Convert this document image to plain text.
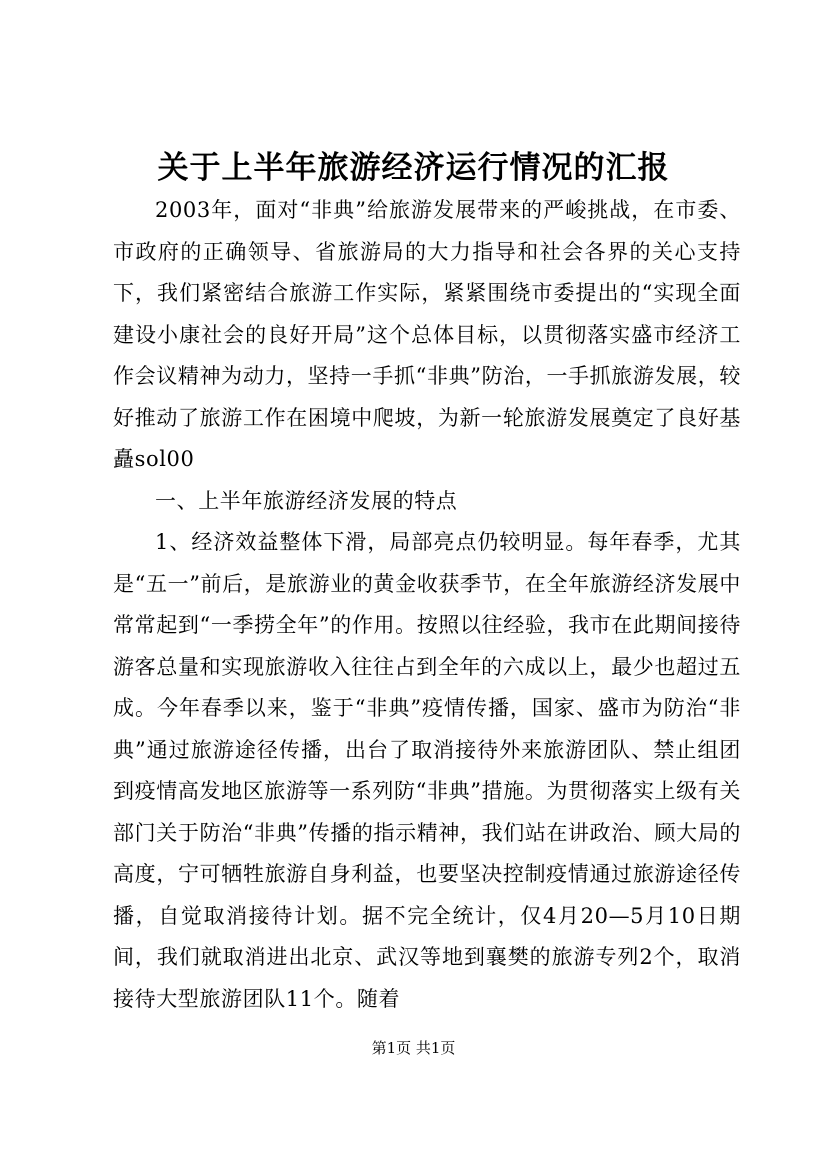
关于上半年旅游经济运行情况的汇报

2003年，面对“非典”给旅游发展带来的严峻挑战，在市委、市政府的正确领导、省旅游局的大力指导和社会各界的关心支持下，我们紧密结合旅游工作实际，紧紧围绕市委提出的“实现全面建设小康社会的良好开局”这个总体目标，以贯彻落实盛市经济工作会议精神为动力，坚持一手抓“非典”防治，一手抓旅游发展，较好推动了旅游工作在困境中爬坡，为新一轮旅游发展奠定了良好基矗sol00

一、上半年旅游经济发展的特点

1、经济效益整体下滑，局部亮点仍较明显。每年春季，尤其是“五一”前后，是旅游业的黄金收获季节，在全年旅游经济发展中常常起到“一季捞全年”的作用。按照以往经验，我市在此期间接待游客总量和实现旅游收入往往占到全年的六成以上，最少也超过五成。今年春季以来，鉴于“非典”疫情传播，国家、盛市为防治“非典”通过旅游途径传播，出台了取消接待外来旅游团队、禁止组团到疫情高发地区旅游等一系列防“非典”措施。为贯彻落实上级有关部门关于防治“非典”传播的指示精神，我们站在讲政治、顾大局的高度，宁可牺牲旅游自身利益，也要坚决控制疫情通过旅游途径传播，自觉取消接待计划。据不完全统计，仅4月20—5月10日期间，我们就取消进出北京、武汉等地到襄樊的旅游专列2个，取消接待大型旅游团队11个。随着

第1页 共1页
